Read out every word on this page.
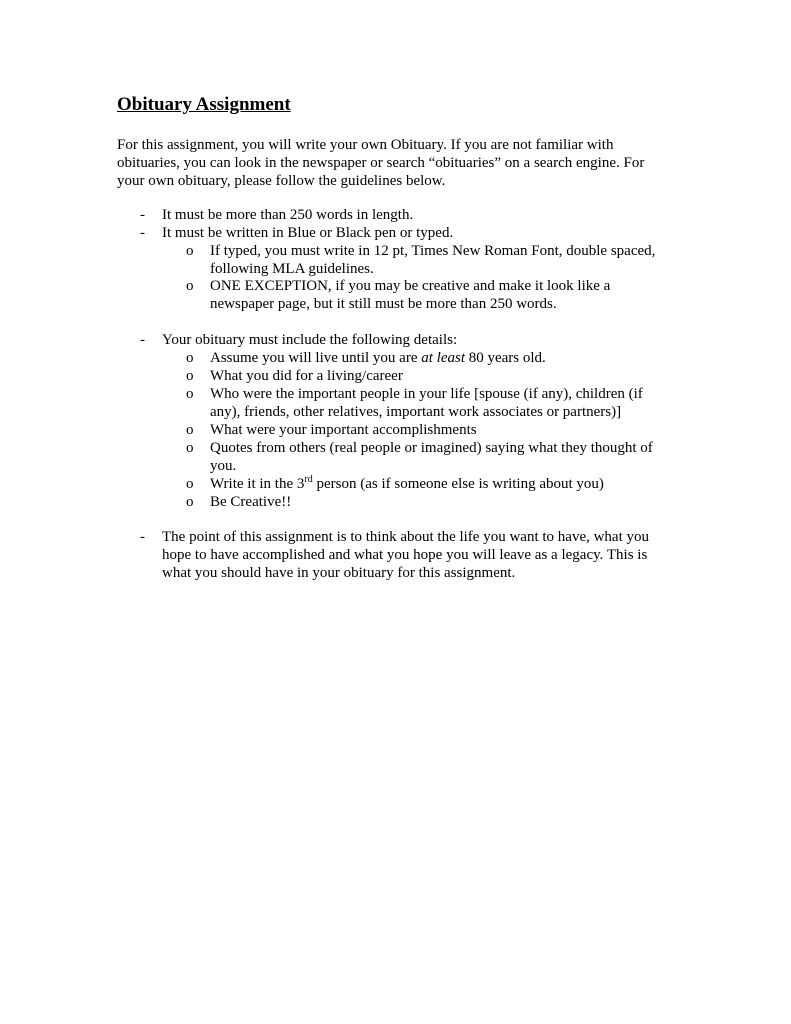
Obituary Assignment
For this assignment, you will write your own Obituary. If you are not familiar with
obituaries, you can look in the newspaper or search “obituaries” on a search engine. For
your own obituary, please follow the guidelines below.
- It must be more than 250 words in length.
- It must be written in Blue or Black pen or typed.
o If typed, you must write in 12 pt, Times New Roman Font, double spaced,
following MLA guidelines.
o ONE EXCEPTION, if you may be creative and make it look like a
newspaper page, but it still must be more than 250 words.
- Your obituary must include the following details:
o Assume you will live until you are at least 80 years old.
o What you did for a living/career
o Who were the important people in your life [spouse (if any), children (if
any), friends, other relatives, important work associates or partners)]
o What were your important accomplishments
o Quotes from others (real people or imagined) saying what they thought of
you.
o Write it in the 3rd person (as if someone else is writing about you)
o Be Creative!!
- The point of this assignment is to think about the life you want to have, what you
hope to have accomplished and what you hope you will leave as a legacy. This is
what you should have in your obituary for this assignment.
